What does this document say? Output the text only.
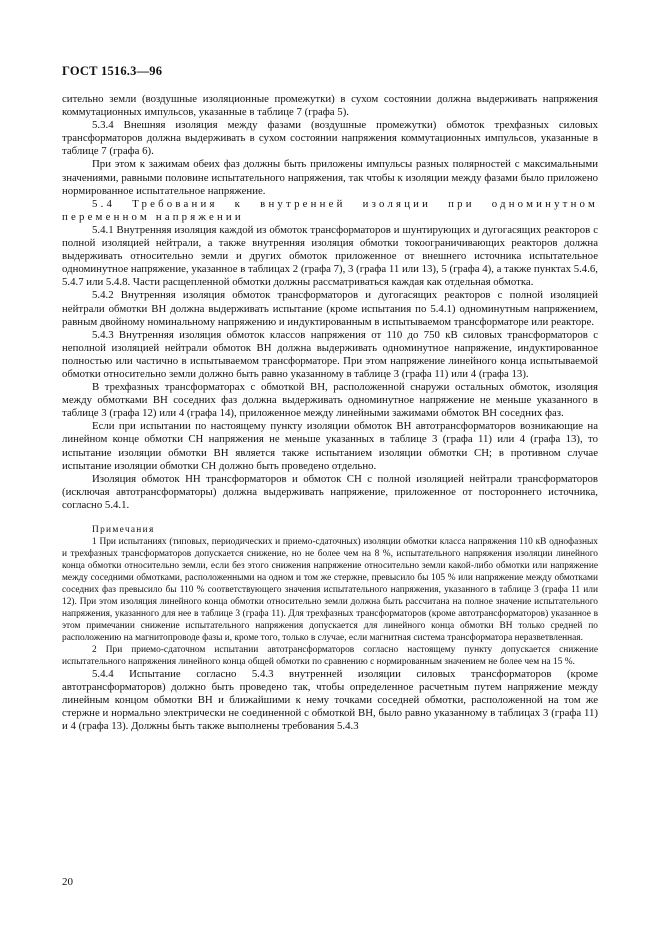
ГОСТ 1516.3—96

сительно земли (воздушные изоляционные промежутки) в сухом состоянии должна выдерживать напряжения коммутационных импульсов, указанные в таблице 7 (графа 5).

5.3.4 Внешняя изоляция между фазами (воздушные промежутки) обмоток трехфазных силовых трансформаторов должна выдерживать в сухом состоянии напряжения коммутационных импульсов, указанные в таблице 7 (графа 6).

При этом к зажимам обеих фаз должны быть приложены импульсы разных полярностей с максимальными значениями, равными половине испытательного напряжения, так чтобы к изоляции между фазами было приложено нормированное испытательное напряжение.

5.4 Требования к внутренней изоляции при одноминутном переменном напряжении

5.4.1 Внутренняя изоляция каждой из обмоток трансформаторов и шунтирующих и дугогасящих реакторов с полной изоляцией нейтрали, а также внутренняя изоляция обмотки токоограничивающих реакторов должна выдерживать относительно земли и других обмоток приложенное от внешнего источника испытательное одноминутное напряжение, указанное в таблицах 2 (графа 7), 3 (графа 11 или 13), 5 (графа 4), а также пунктах 5.4.6, 5.4.7 или 5.4.8. Части расщепленной обмотки должны рассматриваться каждая как отдельная обмотка.

5.4.2 Внутренняя изоляция обмоток трансформаторов и дугогасящих реакторов с полной изоляцией нейтрали обмотки ВН должна выдерживать испытание (кроме испытания по 5.4.1) одноминутным напряжением, равным двойному номинальному напряжению и индуктированным в испытываемом трансформаторе или реакторе.

5.4.3 Внутренняя изоляция обмоток классов напряжения от 110 до 750 кВ силовых трансформаторов с неполной изоляцией нейтрали обмоток ВН должна выдерживать одноминутное напряжение, индуктированное полностью или частично в испытываемом трансформаторе. При этом напряжение линейного конца испытываемой обмотки относительно земли должно быть равно указанному в таблице 3 (графа 11) или 4 (графа 13).

В трехфазных трансформаторах с обмоткой ВН, расположенной снаружи остальных обмоток, изоляция между обмотками ВН соседних фаз должна выдерживать одноминутное напряжение не меньше указанного в таблице 3 (графа 12) или 4 (графа 14), приложенное между линейными зажимами обмоток ВН соседних фаз.

Если при испытании по настоящему пункту изоляции обмоток ВН автотрансформаторов возникающие на линейном конце обмотки СН напряжения не меньше указанных в таблице 3 (графа 11) или 4 (графа 13), то испытание изоляции обмотки ВН является также испытанием изоляции обмотки СН; в противном случае испытание изоляции обмотки СН должно быть проведено отдельно.

Изоляция обмоток НН трансформаторов и обмоток СН с полной изоляцией нейтрали трансформаторов (исключая автотрансформаторы) должна выдерживать напряжение, приложенное от постороннего источника, согласно 5.4.1.

Примечания

1 При испытаниях (типовых, периодических и приемо-сдаточных) изоляции обмотки класса напряжения 110 кВ однофазных и трехфазных трансформаторов допускается снижение, но не более чем на 8 %, испытательного напряжения изоляции линейного конца обмотки относительно земли, если без этого снижения напряжение относительно земли какой-либо обмотки или напряжение между соседними обмотками, расположенными на одном и том же стержне, превысило бы 105 % или напряжение между обмотками соседних фаз превысило бы 110 % соответствующего значения испытательного напряжения, указанного в таблице 3 (графа 11 или 12). При этом изоляция линейного конца обмотки относительно земли должна быть рассчитана на полное значение испытательного напряжения, указанного для нее в таблице 3 (графа 11). Для трехфазных трансформаторов (кроме автотрансформаторов) указанное в этом примечании снижение испытательного напряжения допускается для линейного конца обмотки ВН только средней по расположению на магнитопроводе фазы и, кроме того, только в случае, если магнитная система трансформатора неразветвленная.

2 При приемо-сдаточном испытании автотрансформаторов согласно настоящему пункту допускается снижение испытательного напряжения линейного конца общей обмотки по сравнению с нормированным значением не более чем на 15 %.

5.4.4 Испытание согласно 5.4.3 внутренней изоляции силовых трансформаторов (кроме автотрансформаторов) должно быть проведено так, чтобы определенное расчетным путем напряжение между линейным концом обмотки ВН и ближайшими к нему точками соседней обмотки, расположенной на том же стержне и нормально электрически не соединенной с обмоткой ВН, было равно указанному в таблицах 3 (графа 11) и 4 (графа 13). Должны быть также выполнены требования 5.4.3

20
